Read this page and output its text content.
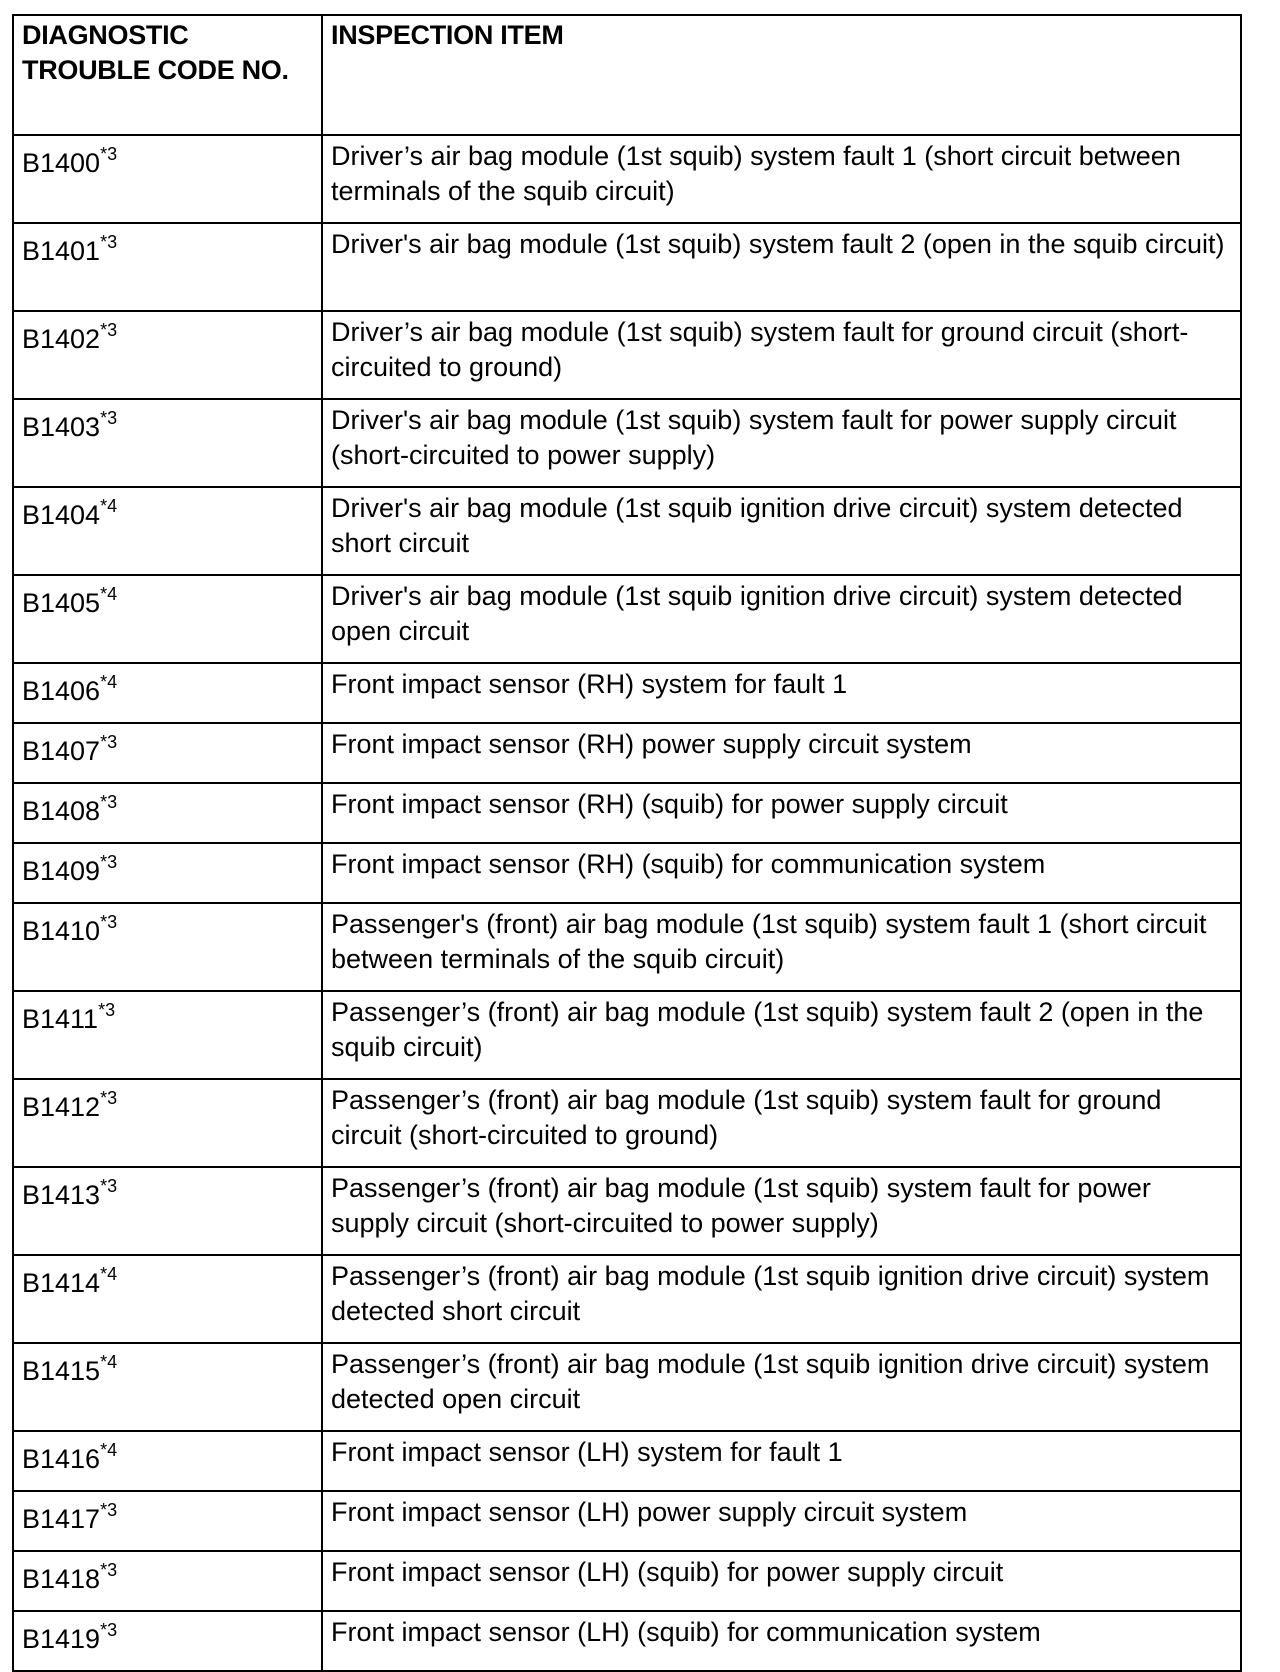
DIAGNOSTIC TROUBLE CODE NO.	INSPECTION ITEM
B1400$^{*3}$	Driver’s air bag module (1st squib) system fault 1 (short circuit between terminals of the squib circuit)
B1401$^{*3}$	Driver's air bag module (1st squib) system fault 2 (open in the squib circuit)
B1402$^{*3}$	Driver’s air bag module (1st squib) system fault for ground circuit (short-circuited to ground)
B1403$^{*3}$	Driver's air bag module (1st squib) system fault for power supply circuit (short-circuited to power supply)
B1404$^{*4}$	Driver's air bag module (1st squib ignition drive circuit) system detected short circuit
B1405$^{*4}$	Driver's air bag module (1st squib ignition drive circuit) system detected open circuit
B1406$^{*4}$	Front impact sensor (RH) system for fault 1
B1407$^{*3}$	Front impact sensor (RH) power supply circuit system
B1408$^{*3}$	Front impact sensor (RH) (squib) for power supply circuit
B1409$^{*3}$	Front impact sensor (RH) (squib) for communication system
B1410$^{*3}$	Passenger's (front) air bag module (1st squib) system fault 1 (short circuit between terminals of the squib circuit)
B1411$^{*3}$	Passenger’s (front) air bag module (1st squib) system fault 2 (open in the squib circuit)
B1412$^{*3}$	Passenger’s (front) air bag module (1st squib) system fault for ground circuit (short-circuited to ground)
B1413$^{*3}$	Passenger’s (front) air bag module (1st squib) system fault for power supply circuit (short-circuited to power supply)
B1414$^{*4}$	Passenger’s (front) air bag module (1st squib ignition drive circuit) system detected short circuit
B1415$^{*4}$	Passenger’s (front) air bag module (1st squib ignition drive circuit) system detected open circuit
B1416$^{*4}$	Front impact sensor (LH) system for fault 1
B1417$^{*3}$	Front impact sensor (LH) power supply circuit system
B1418$^{*3}$	Front impact sensor (LH) (squib) for power supply circuit
B1419$^{*3}$	Front impact sensor (LH) (squib) for communication system
